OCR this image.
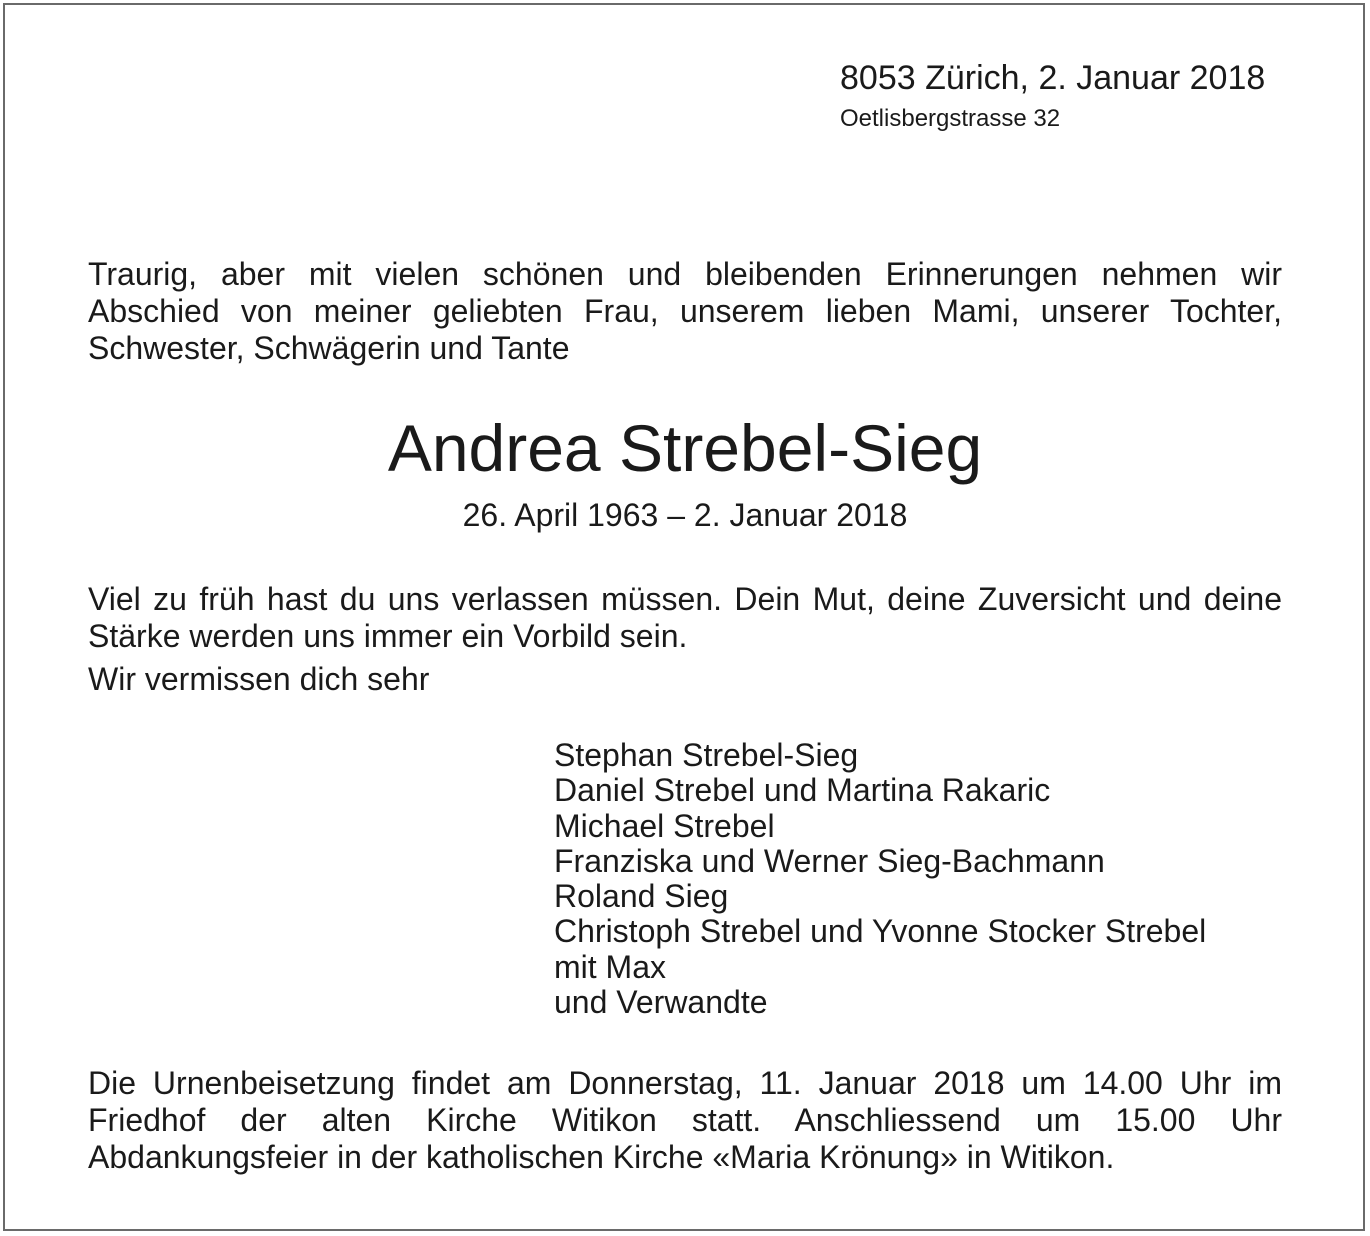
8053 Zürich, 2. Januar 2018
Oetlisbergstrasse 32
Traurig, aber mit vielen schönen und bleibenden Erinnerungen nehmen wir Abschied von meiner geliebten Frau, unserem lieben Mami, unserer Tochter, Schwester, Schwägerin und Tante
Andrea Strebel-Sieg
26. April 1963 – 2. Januar 2018
Viel zu früh hast du uns verlassen müssen. Dein Mut, deine Zuversicht und deine Stärke werden uns immer ein Vorbild sein.
Wir vermissen dich sehr
Stephan Strebel-Sieg
Daniel Strebel und Martina Rakaric
Michael Strebel
Franziska und Werner Sieg-Bachmann
Roland Sieg
Christoph Strebel und Yvonne Stocker Strebel
mit Max
und Verwandte
Die Urnenbeisetzung findet am Donnerstag, 11. Januar 2018 um 14.00 Uhr im Friedhof der alten Kirche Witikon statt. Anschliessend um 15.00 Uhr Abdankungsfeier in der katholischen Kirche «Maria Krönung» in Witikon.
